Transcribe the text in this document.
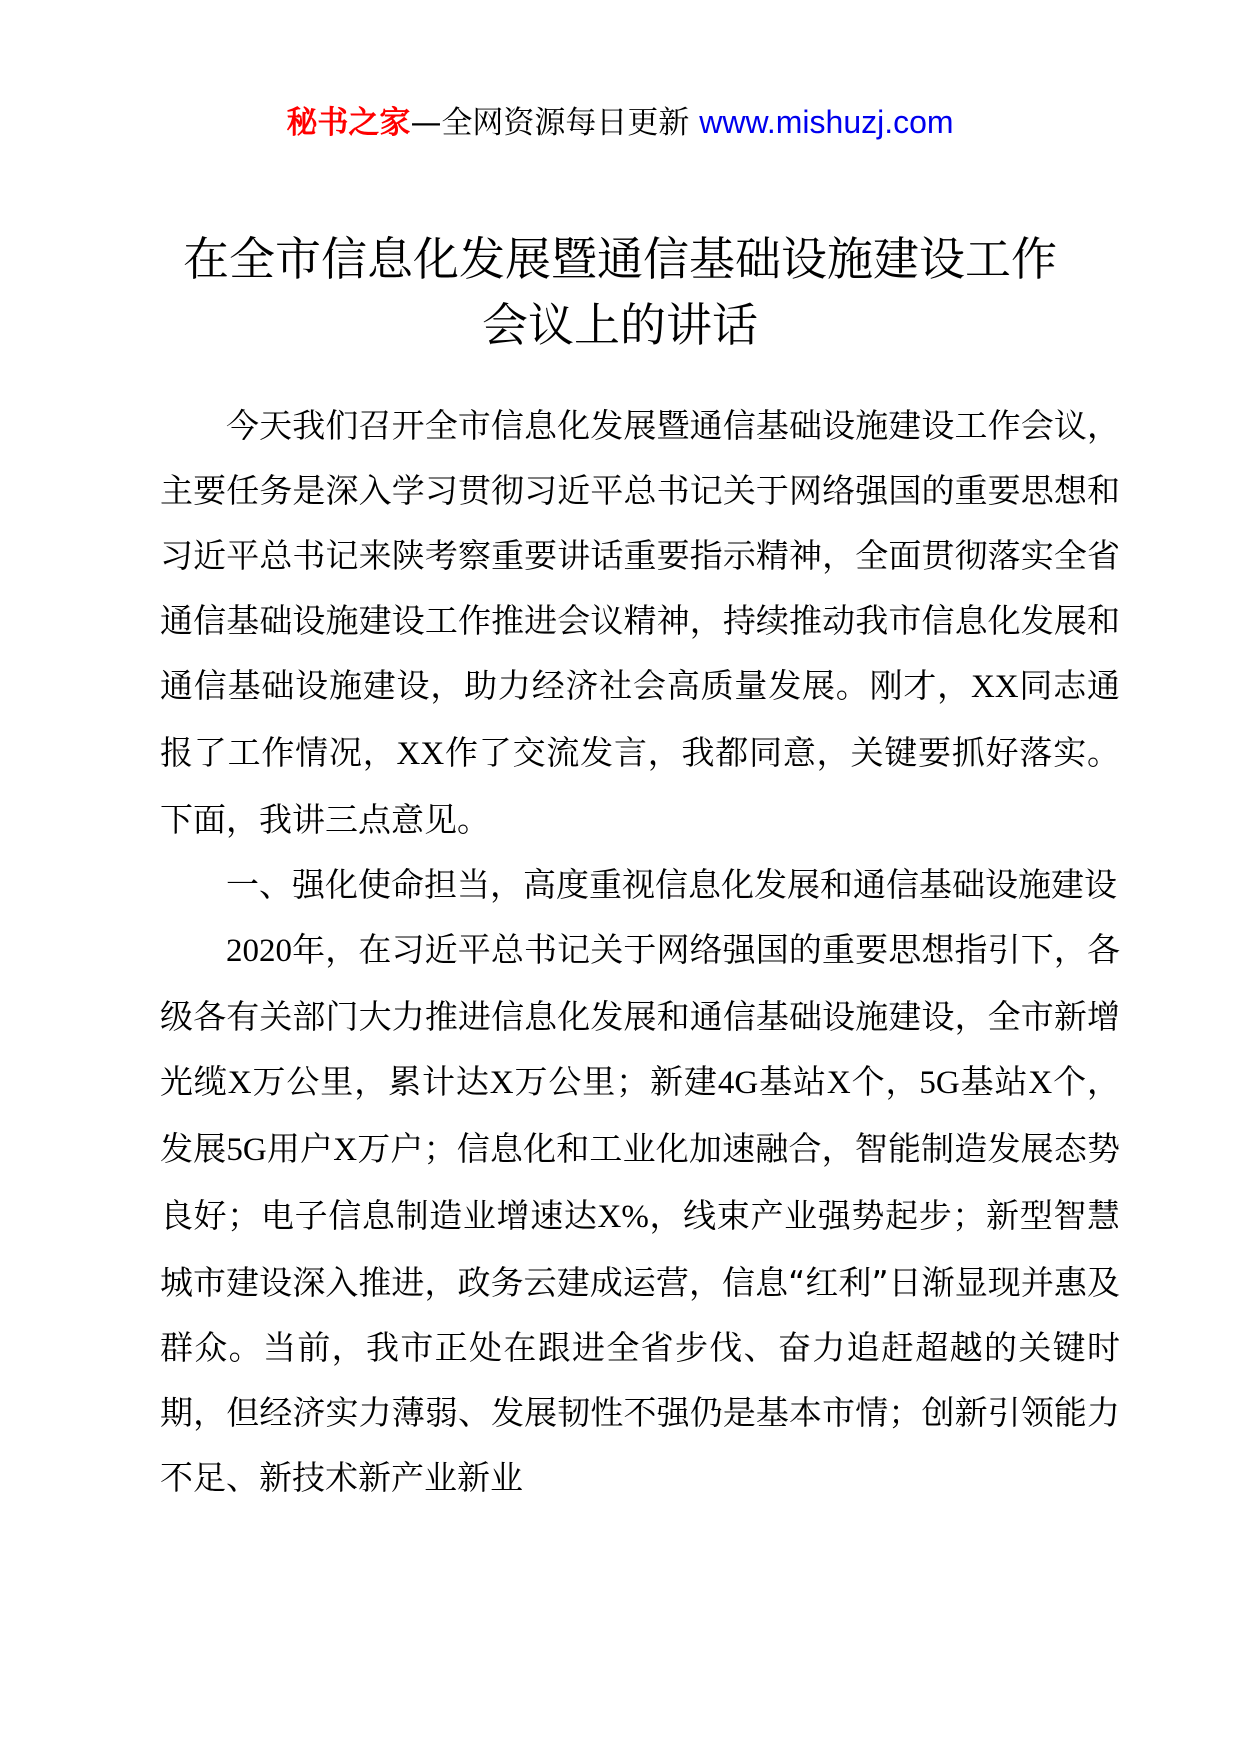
秘书之家—全网资源每日更新 www.mishuzj.com
在全市信息化发展暨通信基础设施建设工作
会议上的讲话

今天我们召开全市信息化发展暨通信基础设施建设工作会议，主要任务是深入学习贯彻习近平总书记关于网络强国的重要思想和习近平总书记来陕考察重要讲话重要指示精神，全面贯彻落实全省通信基础设施建设工作推进会议精神，持续推动我市信息化发展和通信基础设施建设，助力经济社会高质量发展。刚才，XX同志通报了工作情况，XX作了交流发言，我都同意，关键要抓好落实。下面，我讲三点意见。

一、强化使命担当，高度重视信息化发展和通信基础设施建设

2020年，在习近平总书记关于网络强国的重要思想指引下，各级各有关部门大力推进信息化发展和通信基础设施建设，全市新增光缆X万公里，累计达X万公里；新建4G基站X个，5G基站X个，发展5G用户X万户；信息化和工业化加速融合，智能制造发展态势良好；电子信息制造业增速达X%，线束产业强势起步；新型智慧城市建设深入推进，政务云建成运营，信息“红利”日渐显现并惠及群众。当前，我市正处在跟进全省步伐、奋力追赶超越的关键时期，但经济实力薄弱、发展韧性不强仍是基本市情；创新引领能力不足、新技术新产业新业
